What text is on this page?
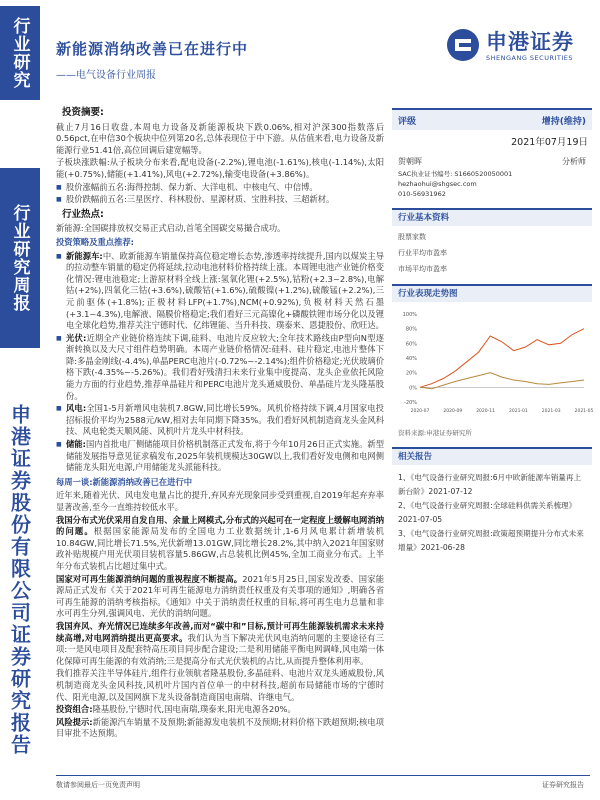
行业研究
行业研究周报
申港证券股份有限公司证券研究报告
新能源消纳改善已在进行中
——电气设备行业周报
申港证券
SHENGANG SECURITIES
投资摘要:
截止7月16日收盘,本周电力设备及新能源板块下跌0.06%,相对沪深300指数落后0.56pct,在申信30个板块中位列第20名,总体表现位于中下游。从估值来看,电力设备及新能源行业51.41倍,高位回调后建宽幅等。
子板块涨跌幅:从子板块分布来看,配电设备(-2.2%),锂电池(-1.61%),核电(-1.14%),太阳能(+0.75%),储能(+1.41%),风电(+2.72%),输变电设备(+3.86%)。
■ 股价涨幅前五名:海得控制、保力新、大洋电机、中核电气、中信博。
■ 股价跌幅前五名:三星医疗、科林股份、星源材质、宝胜科技、三超新材。
行业热点:
新能源:全国碳排放权交易正式启动,首笔全国碳交易撮合成功。
投资策略及重点推荐:
■ 新能源车:中、欧新能源车销量保持高位稳定增长态势,渗透率持续提升,国内以煤炭主导的拉动整车销量的稳定仍将延续,拉动电池材料价格持续上涨。本周锂电池产业链价格变化情况:锂电池稳定;上游原材料全线上涨:氢氧化锂(+2.5%),钴粉(+2.3~2.8%),电解钴(+2%),四氧化三钴(+3.6%),硫酸钴(+1.6%),硫酸镍(+1.2%),硫酸锰(+2.2%),三元前驱体(+1.8%);正极材料LFP(+1.7%),NCM(+0.92%),负极材料天然石墨(+3.1~4.3%),电解液、隔膜价格稳定;我们看好三元高镍化+磷酸铁锂市场分化以及锂电全球化趋势,推荐关注宁德时代、亿纬锂能、当升科技、璞泰来、恩捷股份、欣旺达。
■ 光伏:近期全产业链价格连续下调,硅料、电池片反应较大;全年技术路线由P型向N型逐渐转换以及大尺寸组件趋势明确。本周产业链价格情况:硅料、硅片稳定,电池片整体下降:多晶金刚线(-4.4%),单晶PERC电池片(-0.72%~-2.14%);组件价格稳定;光伏玻璃价格下跌(-4.35%~-5.26%)。我们看好残清扫未来行业集中度提高、龙头企业依托风险能力方面的行业趋势,推荐单晶硅片和PERC电池片龙头通威股份、单晶硅片龙头隆基股份。
■ 风电:全国1-5月新增风电装机7.8GW,同比增长59%。风机价格持续下调,4月国家电投招标报价平均为2588元/kW,相对去年同期下降35%。我们看好风机制造商龙头金风科技、风电轮类天顺风能、风机叶片龙头中材科技。
■ 储能:国内首批电厂侧储能项目价格机制落正式发布,将于今年10月26日正式实施。新型储能发展指导意见征求稿发布,2025年装机规模达30GW以上,我们看好发电侧和电网侧储能龙头阳光电源,户用储能龙头派能科技。
每周一谈:新能源消纳改善已在进行中
近年来,随着光伏、风电发电量占比的提升,弃风弃光现象同步受到重视,自2019年起弃弃率显著改善,至今一直维持较低水平。
我国分布式光伏采用自发自用、余量上网模式,分布式的兴起可在一定程度上缓解电网消纳的问题。根据国家能源局发布的全国电力工业数据统计,1-6月风电累计新增装机10.84GW,同比增长71.5%,光伏新增13.01GW,同比增长28.2%,其中纳入2021年国家财政补贴规模户用光伏项目装机容量5.86GW,占总装机比例45%,全加工商业分布式。上半年分布式装机占比超过集中式。
国家对可再生能源消纳问题的重视程度不断提高。2021年5月25日,国家发改委、国家能源局正式发布《关于2021年可再生能源电力消纳责任权重及有关事项的通知》,明确各省可再生能源的消纳考核指标。《通知》中关于消纳责任权重的目标,将可再生电力总量和非水可再生分列,强调风电、光伏的消纳问题。
我国弃风、弃光情况已连续多年改善,而对“碳中和”目标,预计可再生能源装机需求未来持续高增,对电网消纳提出更高要求。我们认为当下解决光伏风电消纳问题的主要途径有三项:一是风电项目及配套特高压项目同步配合建设;二是利用储能平衡电网调峰,风电端一体化保障可再生能源的有效消纳;三是提高分布式光伏装机的占比,从而提升整体利用率。
我们推荐关注半导体硅片,组件行业领航者隆基股份,多晶硅料、电池片双龙头通威股份,风机制造商龙头金风科技,风机叶片国内首位单一的中材科技,超前布局储能市场的宁德时代、阳光电源,以及国网旗下龙头设备制造商国电南瑞、许继电气。
投资组合:隆基股份,宁德时代,国电南瑞,璞泰来,阳光电源各20%。
风险提示:新能源汽车销量不及预期;新能源发电装机不及预期;材料价格下跌超预期;核电项目审批不达预期。
评级	增持(维持)
2021年07月19日
贺朝晖	分析师
SAC执业证书编号: S1660520050001
hezhaohui@shgsec.com
010-56931962
行业基本资料
股票家数
行业平均市盈率
市场平均市盈率
行业表现走势图
-20%
0%
20%
40%
60%
80%
100%
2020-07	2020-09	2020-11	2021-01	2021-03	2021-05
资料来源:申港证券研究所
相关报告
1、《电气设备行业研究周报:6月中欧新能源车销量再上新台阶》2021-07-12
2、《电气设备行业研究周报:全球硅料供需关系梳理》2021-07-05
3、《电气设备行业研究周报:政策超预期提升分布式未来增量》2021-06-28
敬请参阅最后一页免责声明	证券研究报告
